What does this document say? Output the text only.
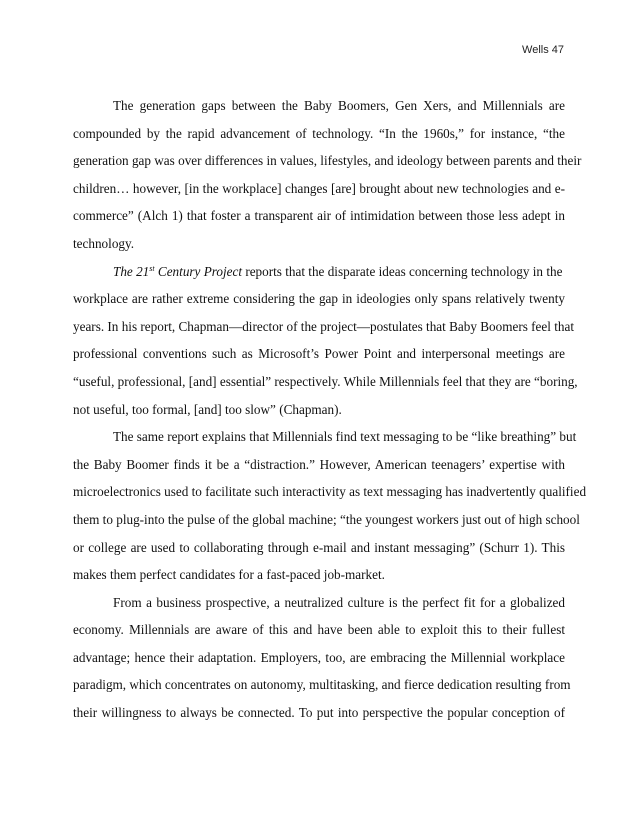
Wells 47
The generation gaps between the Baby Boomers, Gen Xers, and Millennials are
compounded by the rapid advancement of technology. “In the 1960s,” for instance, “the
generation gap was over differences in values, lifestyles, and ideology between parents and their
children… however, [in the workplace] changes [are] brought about new technologies and e-
commerce” (Alch 1) that foster a transparent air of intimidation between those less adept in
technology.
The 21st Century Project reports that the disparate ideas concerning technology in the
workplace are rather extreme considering the gap in ideologies only spans relatively twenty
years. In his report, Chapman—director of the project—postulates that Baby Boomers feel that
professional conventions such as Microsoft’s Power Point and interpersonal meetings are
“useful, professional, [and] essential” respectively. While Millennials feel that they are “boring,
not useful, too formal, [and] too slow” (Chapman).
The same report explains that Millennials find text messaging to be “like breathing” but
the Baby Boomer finds it be a “distraction.” However, American teenagers’ expertise with
microelectronics used to facilitate such interactivity as text messaging has inadvertently qualified
them to plug-into the pulse of the global machine; “the youngest workers just out of high school
or college are used to collaborating through e-mail and instant messaging” (Schurr 1). This
makes them perfect candidates for a fast-paced job-market.
From a business prospective, a neutralized culture is the perfect fit for a globalized
economy. Millennials are aware of this and have been able to exploit this to their fullest
advantage; hence their adaptation. Employers, too, are embracing the Millennial workplace
paradigm, which concentrates on autonomy, multitasking, and fierce dedication resulting from
their willingness to always be connected. To put into perspective the popular conception of
